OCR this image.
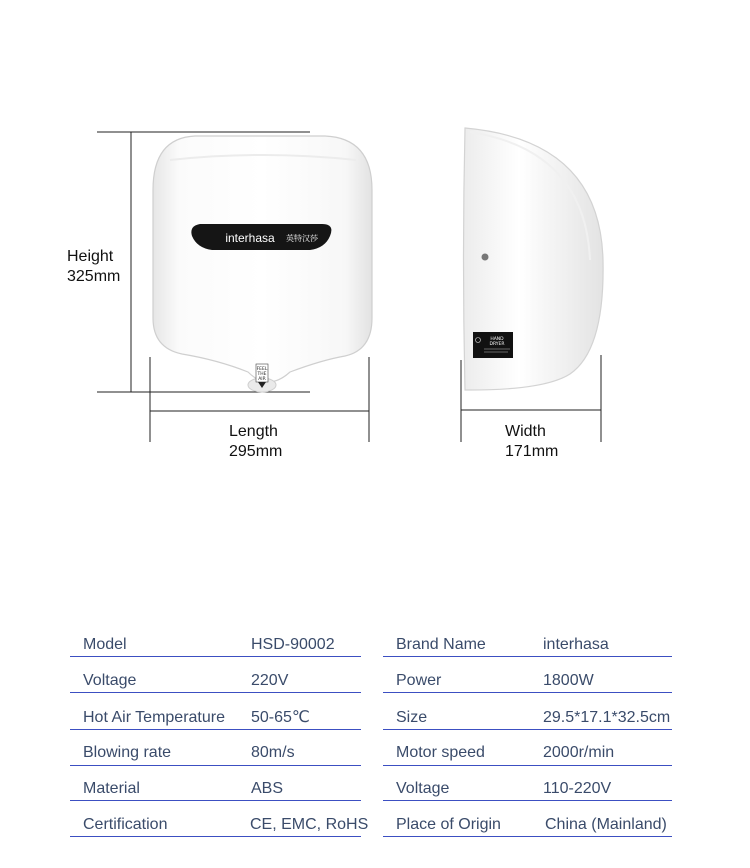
interhasa 英特汉莎
FEEL
THE
AIR
HAND
DRYER
Height
325mm
Length
295mm
Width
171mm
Model	HSD-90002
Voltage	220V
Hot Air Temperature 50-65℃
Blowing rate	80m/s
Material	ABS
Certification	CE, EMC, RoHS
Brand Name	interhasa
Power	1800W
Size	29.5*17.1*32.5cm
Motor speed	2000r/min
Voltage	110-220V
Place of Origin	China (Mainland)
